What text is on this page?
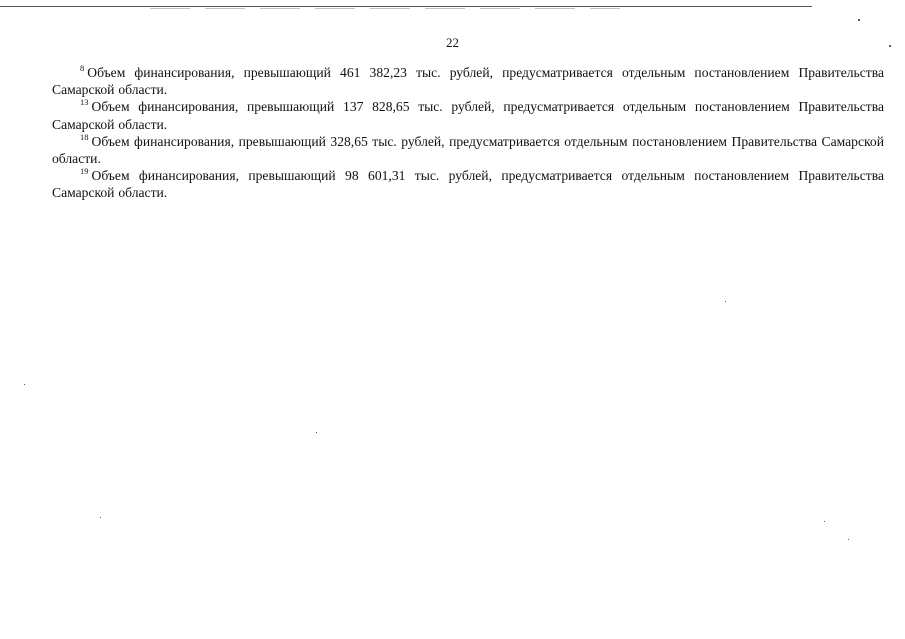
22

$^8$ Объем финансирования, превышающий 461 382,23 тыс. рублей, предусматривается отдельным постановлением Правительства Самарской области.

$^{13}$ Объем финансирования, превышающий 137 828,65 тыс. рублей, предусматривается отдельным постановлением Правительства Самарской области.

$^{18}$ Объем финансирования, превышающий 328,65 тыс. рублей, предусматривается отдельным постановлением Правительства Самарской области.

$^{19}$ Объем финансирования, превышающий 98 601,31 тыс. рублей, предусматривается отдельным постановлением Правительства Самарской области.
